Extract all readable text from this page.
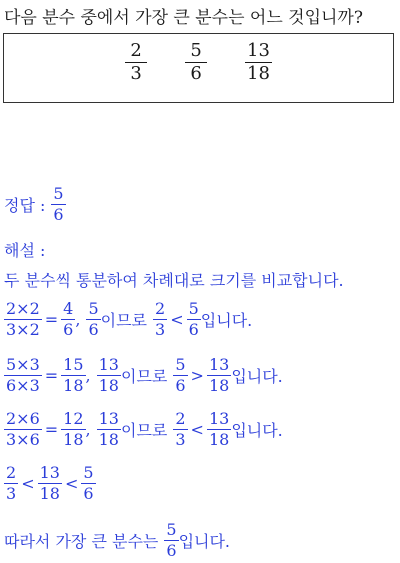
다음 분수 중에서 가장 큰 분수는 어느 것입니까?
$\frac{2}{3} \frac{5}{6} \frac{13}{18}$
정답 : $\frac{5}{6}$
해설 :
두 분수씩 통분하여 차례대로 크기를 비교합니다.
$\frac{2\times 2}{3\times 2} = \frac{4}{6}$ , $\frac{5}{6}$ 이므로 $\frac{2}{3} < \frac{5}{6}$ 입니다.
$\frac{5\times 3}{6\times 3} = \frac{15}{18}$ , $\frac{13}{18}$ 이므로 $\frac{5}{6} > \frac{13}{18}$ 입니다.
$\frac{2\times 6}{3\times 6} = \frac{12}{18}$ , $\frac{13}{18}$ 이므로 $\frac{2}{3} < \frac{13}{18}$ 입니다.
$\frac{2}{3} < \frac{13}{18} < \frac{5}{6}$
따라서 가장 큰 분수는 $\frac{5}{6}$ 입니다.
